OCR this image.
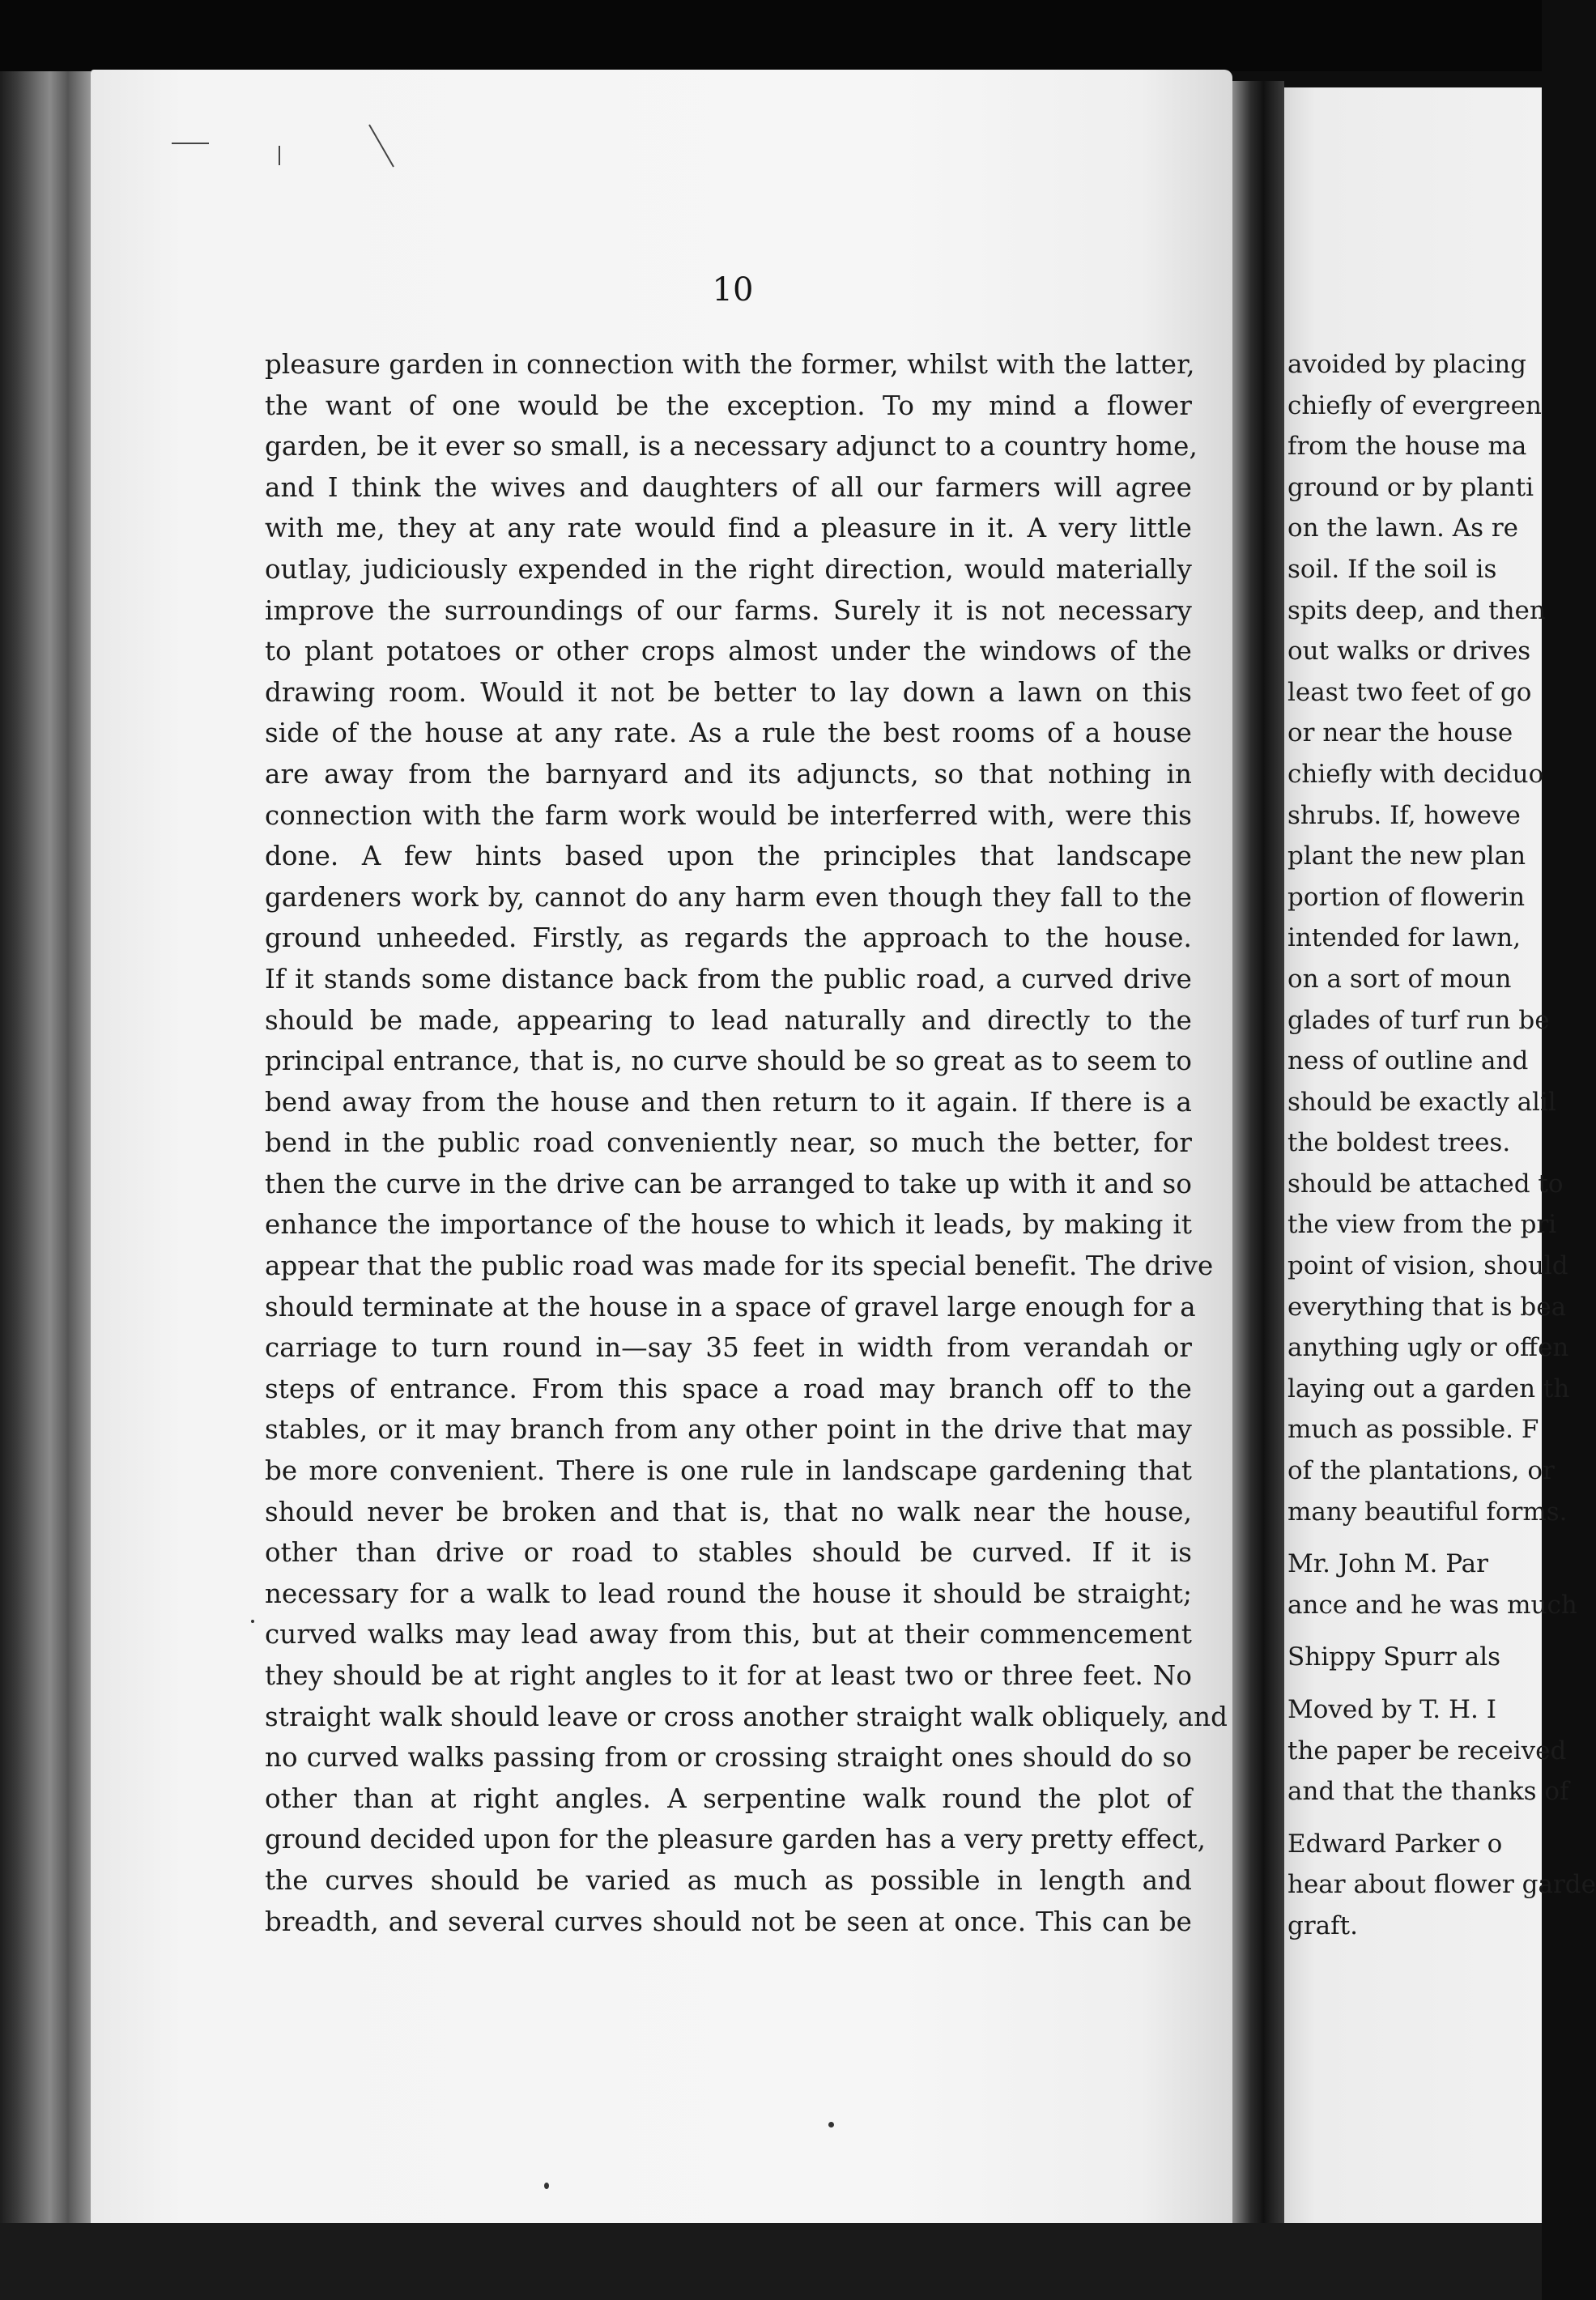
10
pleasure garden in connection with the former, whilst with the latter,
the want of one would be the exception. To my mind a flower
garden, be it ever so small, is a necessary adjunct to a country home,
and I think the wives and daughters of all our farmers will agree
with me, they at any rate would find a pleasure in it. A very little
outlay, judiciously expended in the right direction, would materially
improve the surroundings of our farms. Surely it is not necessary
to plant potatoes or other crops almost under the windows of the
drawing room. Would it not be better to lay down a lawn on this
side of the house at any rate. As a rule the best rooms of a house
are away from the barnyard and its adjuncts, so that nothing in
connection with the farm work would be interferred with, were this
done. A few hints based upon the principles that landscape
gardeners work by, cannot do any harm even though they fall to the
ground unheeded. Firstly, as regards the approach to the house.
If it stands some distance back from the public road, a curved drive
should be made, appearing to lead naturally and directly to the
principal entrance, that is, no curve should be so great as to seem to
bend away from the house and then return to it again. If there is a
bend in the public road conveniently near, so much the better, for
then the curve in the drive can be arranged to take up with it and so
enhance the importance of the house to which it leads, by making it
appear that the public road was made for its special benefit. The drive
should terminate at the house in a space of gravel large enough for a
carriage to turn round in—say 35 feet in width from verandah or
steps of entrance. From this space a road may branch off to the
stables, or it may branch from any other point in the drive that may
be more convenient. There is one rule in landscape gardening that
should never be broken and that is, that no walk near the house,
other than drive or road to stables should be curved. If it is
necessary for a walk to lead round the house it should be straight;
curved walks may lead away from this, but at their commencement
they should be at right angles to it for at least two or three feet. No
straight walk should leave or cross another straight walk obliquely, and
no curved walks passing from or crossing straight ones should do so
other than at right angles. A serpentine walk round the plot of
ground decided upon for the pleasure garden has a very pretty effect,
the curves should be varied as much as possible in length and
breadth, and several curves should not be seen at once. This can be
avoided by placing
chiefly of evergreen
from the house ma
ground or by planti
on the lawn. As re
soil. If the soil is
spits deep, and then
out walks or drives
least two feet of go
or near the house
chiefly with deciduo
shrubs. If, howeve
plant the new plan
portion of flowerin
intended for lawn,
on a sort of moun
glades of turf run be
ness of outline and
should be exactly alil
the boldest trees.
should be attached to
the view from the pri
point of vision, should
everything that is bea
anything ugly or offen
laying out a garden th
much as possible. F
of the plantations, or
many beautiful forms.
Mr. John M. Par
ance and he was much
Shippy Spurr als
Moved by T. H. I
the paper be received
and that the thanks of
Edward Parker o
hear about flower garde
graft.
